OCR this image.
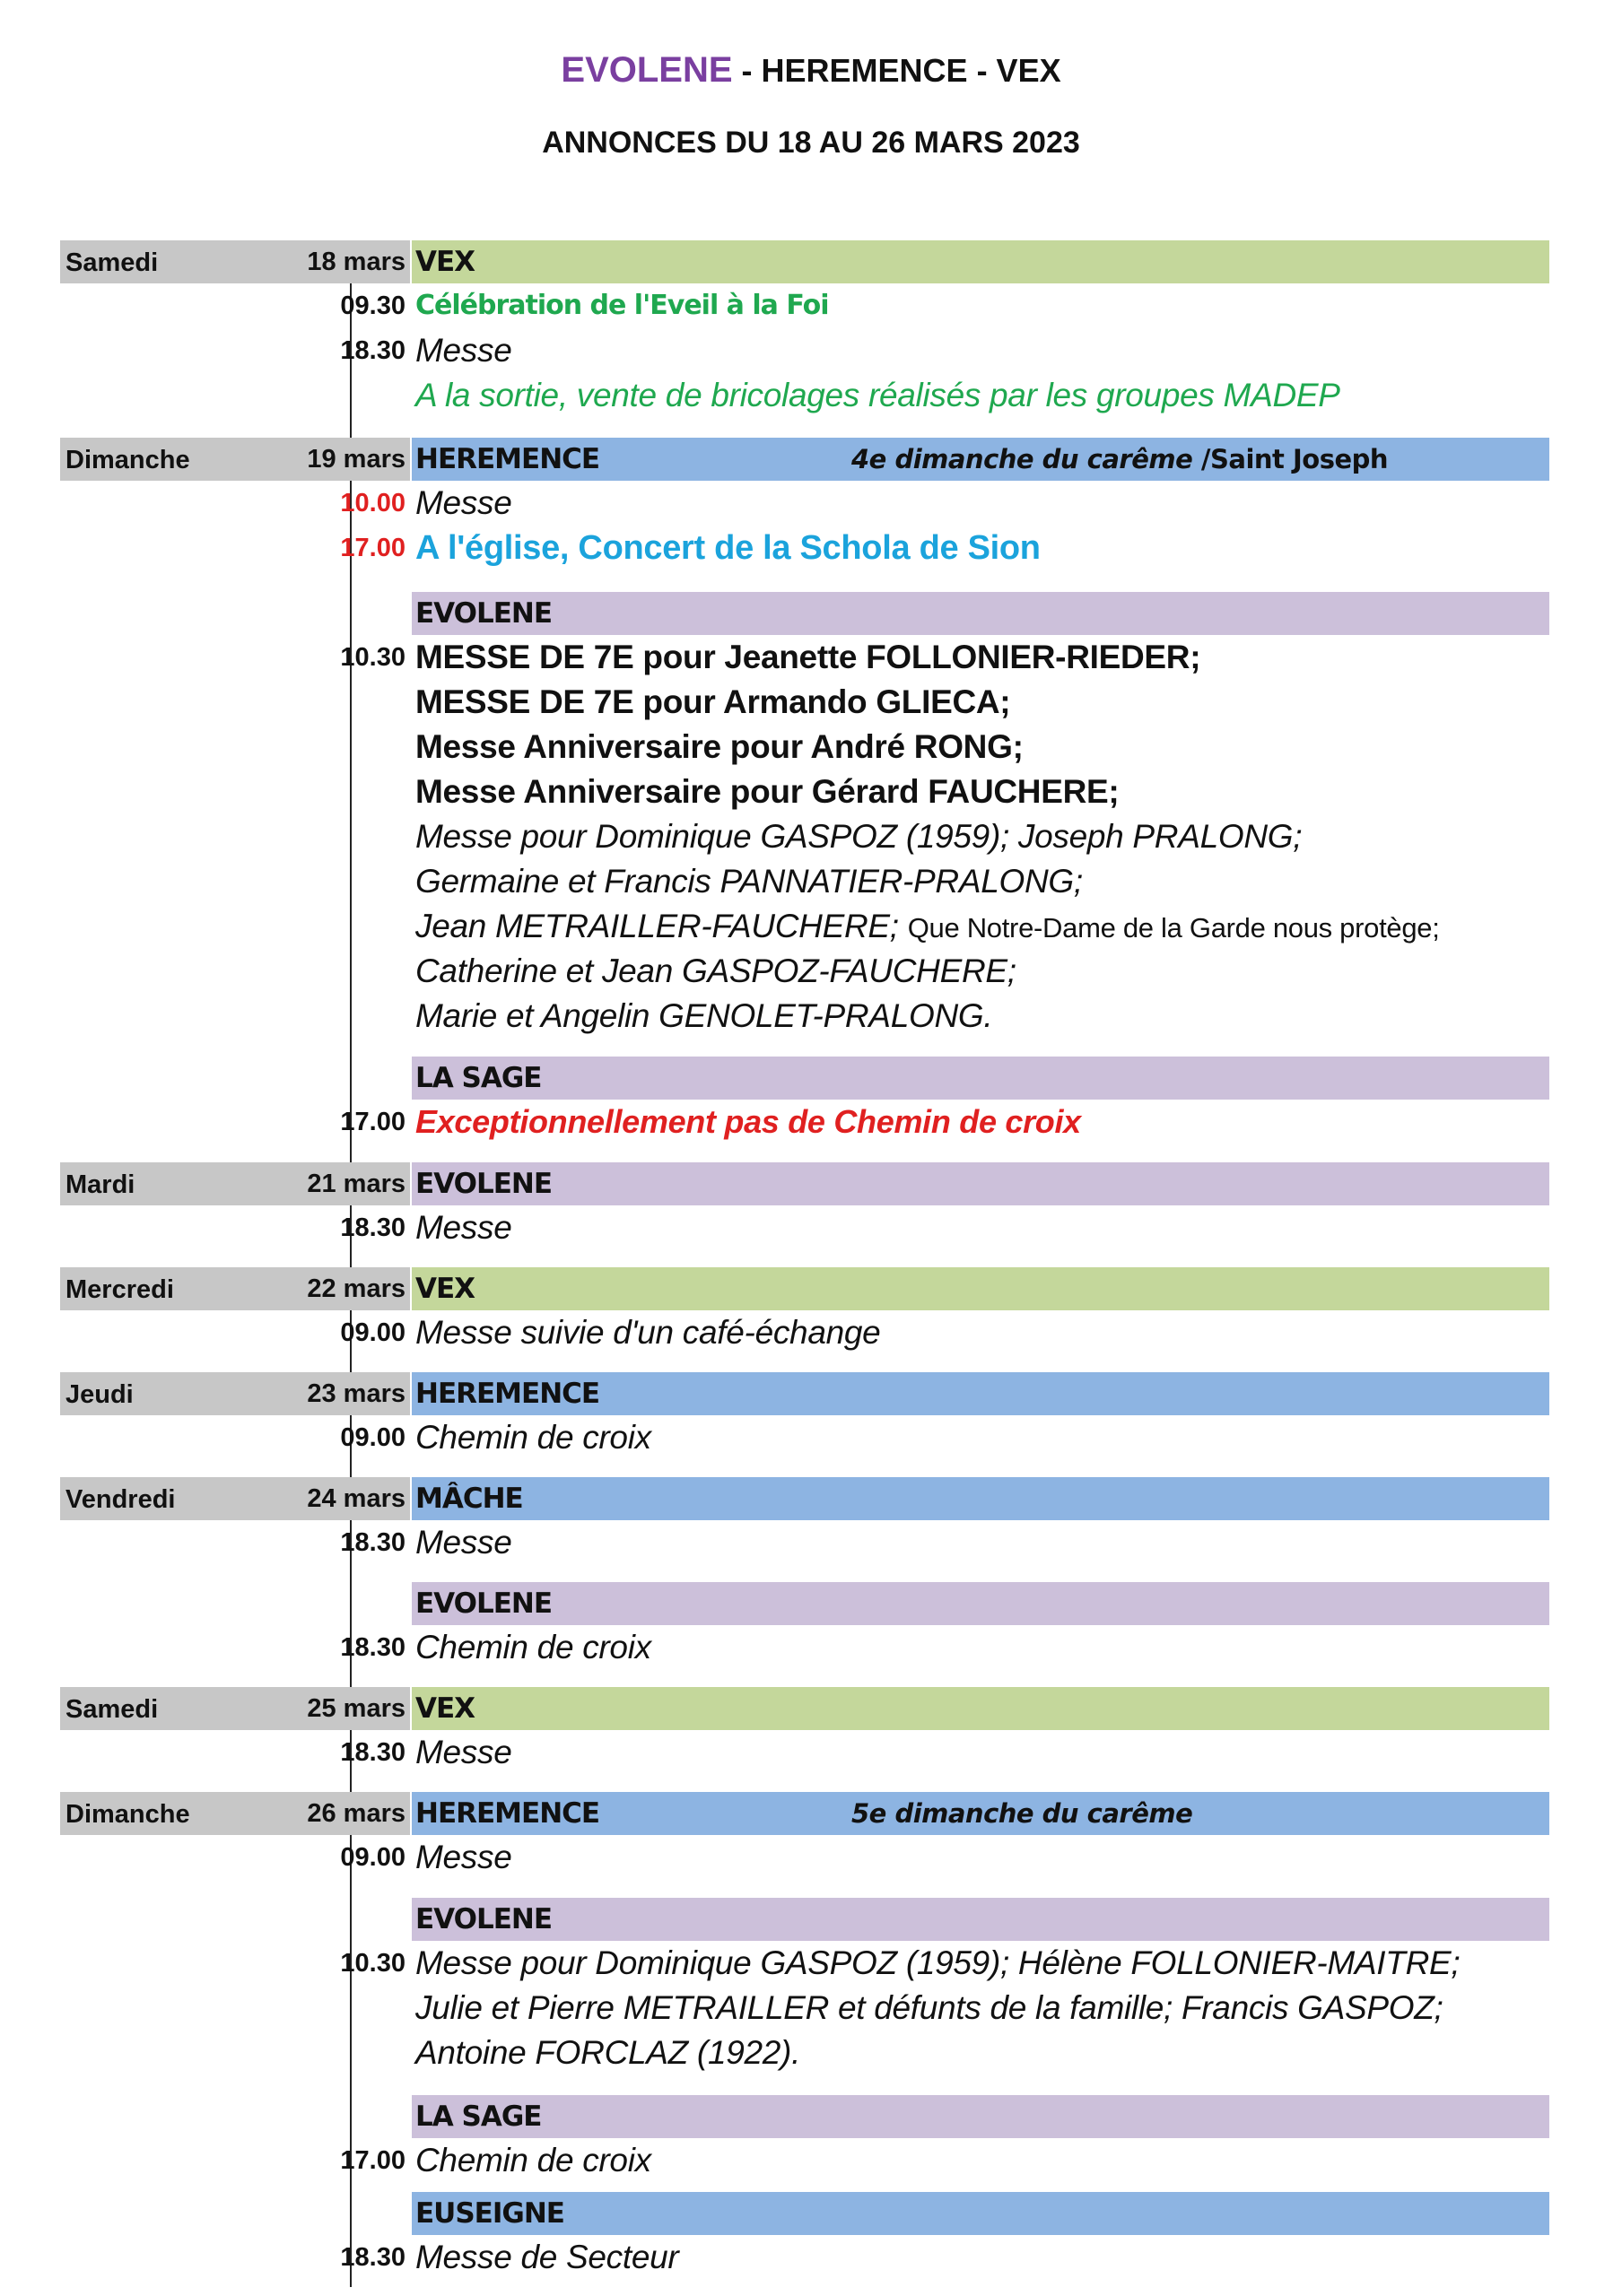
EVOLENE - HEREMENCE - VEX
ANNONCES DU 18 AU 26 MARS 2023
Samedi	18 mars VEX
09.30 Célébration de l'Eveil à la Foi
18.30 Messe
A la sortie, vente de bricolages réalisés par les groupes MADEP
Dimanche	19 mars HEREMENCE	4e dimanche du carême /Saint Joseph
10.00 Messe
17.00 A l'église, Concert de la Schola de Sion
EVOLENE
10.30 MESSE DE 7E pour Jeanette FOLLONIER-RIEDER;
MESSE DE 7E pour Armando GLIECA;
Messe Anniversaire pour André RONG;
Messe Anniversaire pour Gérard FAUCHERE;
Messe pour Dominique GASPOZ (1959); Joseph PRALONG;
Germaine et Francis PANNATIER-PRALONG;
Jean METRAILLER-FAUCHERE; Que Notre-Dame de la Garde nous protège;
Catherine et Jean GASPOZ-FAUCHERE;
Marie et Angelin GENOLET-PRALONG.
LA SAGE
17.00 Exceptionnellement pas de Chemin de croix
Mardi	21 mars EVOLENE
18.30 Messe
Mercredi	22 mars VEX
09.00 Messe suivie d'un café-échange
Jeudi	23 mars HEREMENCE
09.00 Chemin de croix
Vendredi	24 mars MÂCHE
18.30 Messe
EVOLENE
18.30 Chemin de croix
Samedi	25 mars VEX
18.30 Messe
Dimanche	26 mars HEREMENCE	5e dimanche du carême
09.00 Messe
EVOLENE
10.30 Messe pour Dominique GASPOZ (1959); Hélène FOLLONIER-MAITRE;
Julie et Pierre METRAILLER et défunts de la famille; Francis GASPOZ;
Antoine FORCLAZ (1922).
LA SAGE
17.00 Chemin de croix
EUSEIGNE
18.30 Messe de Secteur
